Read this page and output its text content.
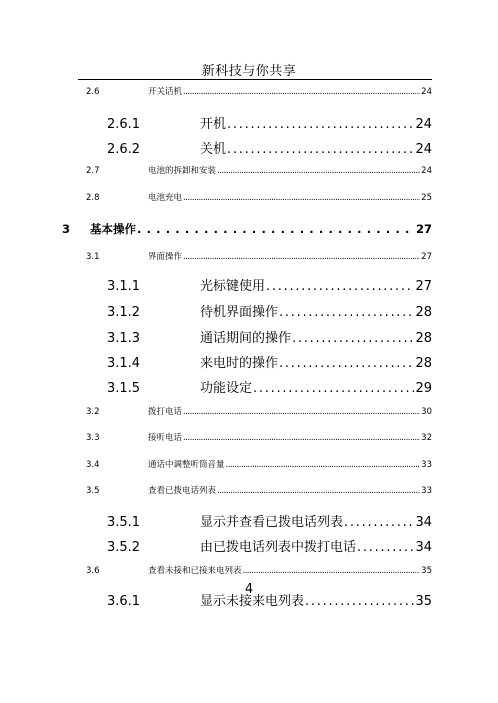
新科技与你共享
2.6	开关话机 . . .	24
2.6.1	开机 . . .	24
2.6.2	关机 . . .	24
2.7	电池的拆卸和安装 . . .	24
2.8	电池充电 . . .	25
3	基本操作 . . .	27
3.1	界面操作 . . .	27
3.1.1	光标键使用 . . .	27
3.1.2	待机界面操作 . . .	28
3.1.3	通话期间的操作 . . .	28
3.1.4	来电时的操作 . . .	28
3.1.5	功能设定 . . .	29
3.2	拨打电话 . . .	30
3.3	接听电话 . . .	32
3.4	通话中调整听筒音量 . . .	33
3.5	查看已拨电话列表 . . .	33
3.5.1	显示并查看已拨电话列表 . . .	34
3.5.2	由已拨电话列表中拨打电话 . . .	34
3.6	查看未接和已接来电列表 . . .	35
3.6.1	显示未接来电列表 . . .	35
4
